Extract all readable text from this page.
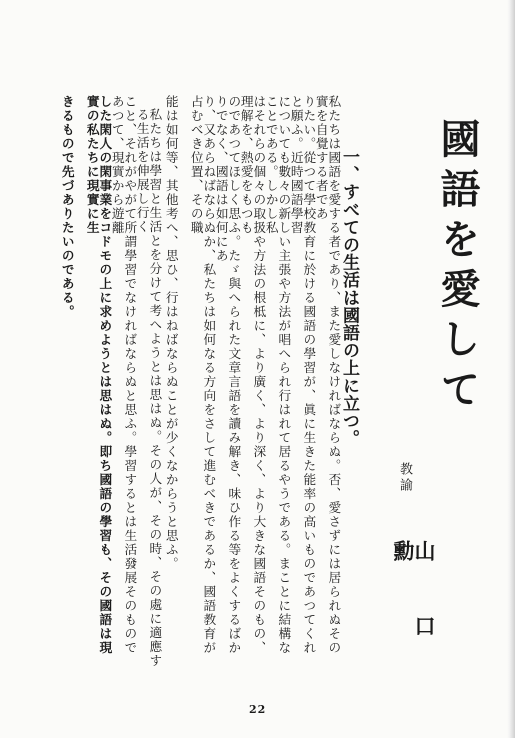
國語を愛して
教諭
山口勳
一、すべての生活は國語の上に立つ。
私たちは國語を愛する者であり、また愛しなければならぬ。否、愛さずには居られぬその實を自覺する者であ
りたい。從つて學校教育に於ける國語の學習が、眞に生きた能率の高いものであつてくれと願ふ。近時國語學習
についても數々の新しい主張や方法が唱へられ行はれて居るやうである。まことに結構なことである。しかし私
はそれらの個々の取扱や方法の根柢に、より廣く、より深く、より大きな國語そのもの、理解を、熱愛をもつも
のであつてほしく思ふ。たゞ與へられた文章言語を讀み解き、味ひ作る等をよくするばかりでなく、國語は如何にあ
り、又あらねばならぬか、私たちは如何なる方向をさして進むべきであるか、國語教育が占むべき位置、その職
能は如何等、其他考へ、思ひ、行はねばならぬことが少くなからうと思ふ。
私たちは學習と生活とを分けて考へようとは思はぬ。その人が、その時、その處に適應する生活を伸展し行く
こと、それがやがて所謂學習でなければならぬと思ふ。學習するとは生活發展そのものであつて、現實から遊離
した閑人の閑事業をコドモの上に求めようとは思はぬ。即ち國語の學習も、その國語は現實の私たちに現實に生
きるもので先づありたいのである。
22
